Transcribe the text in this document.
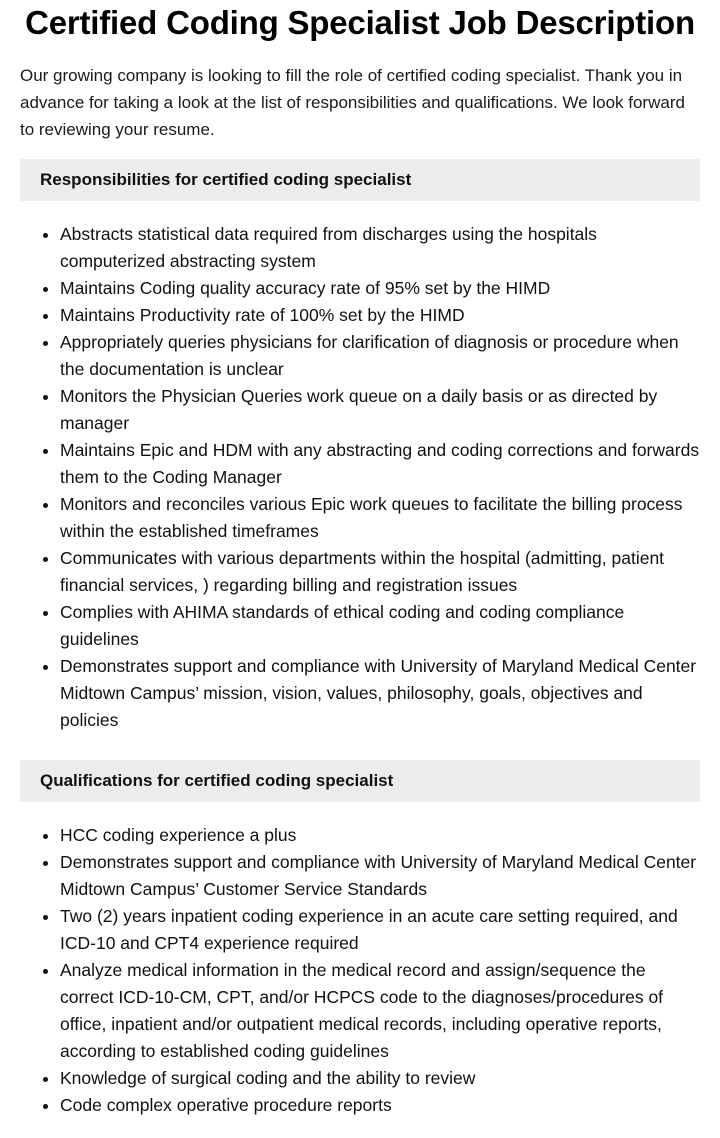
Certified Coding Specialist Job Description

Our growing company is looking to fill the role of certified coding specialist. Thank you in advance for taking a look at the list of responsibilities and qualifications. We look forward to reviewing your resume.

Responsibilities for certified coding specialist
• Abstracts statistical data required from discharges using the hospitals computerized abstracting system
• Maintains Coding quality accuracy rate of 95% set by the HIMD
• Maintains Productivity rate of 100% set by the HIMD
• Appropriately queries physicians for clarification of diagnosis or procedure when the documentation is unclear
• Monitors the Physician Queries work queue on a daily basis or as directed by manager
• Maintains Epic and HDM with any abstracting and coding corrections and forwards them to the Coding Manager
• Monitors and reconciles various Epic work queues to facilitate the billing process within the established timeframes
• Communicates with various departments within the hospital (admitting, patient financial services, ) regarding billing and registration issues
• Complies with AHIMA standards of ethical coding and coding compliance guidelines
• Demonstrates support and compliance with University of Maryland Medical Center Midtown Campus’ mission, vision, values, philosophy, goals, objectives and policies
Qualifications for certified coding specialist
• HCC coding experience a plus
• Demonstrates support and compliance with University of Maryland Medical Center Midtown Campus’ Customer Service Standards
• Two (2) years inpatient coding experience in an acute care setting required, and ICD-10 and CPT4 experience required
• Analyze medical information in the medical record and assign/sequence the correct ICD-10-CM, CPT, and/or HCPCS code to the diagnoses/procedures of office, inpatient and/or outpatient medical records, including operative reports, according to established coding guidelines
• Knowledge of surgical coding and the ability to review
• Code complex operative procedure reports
